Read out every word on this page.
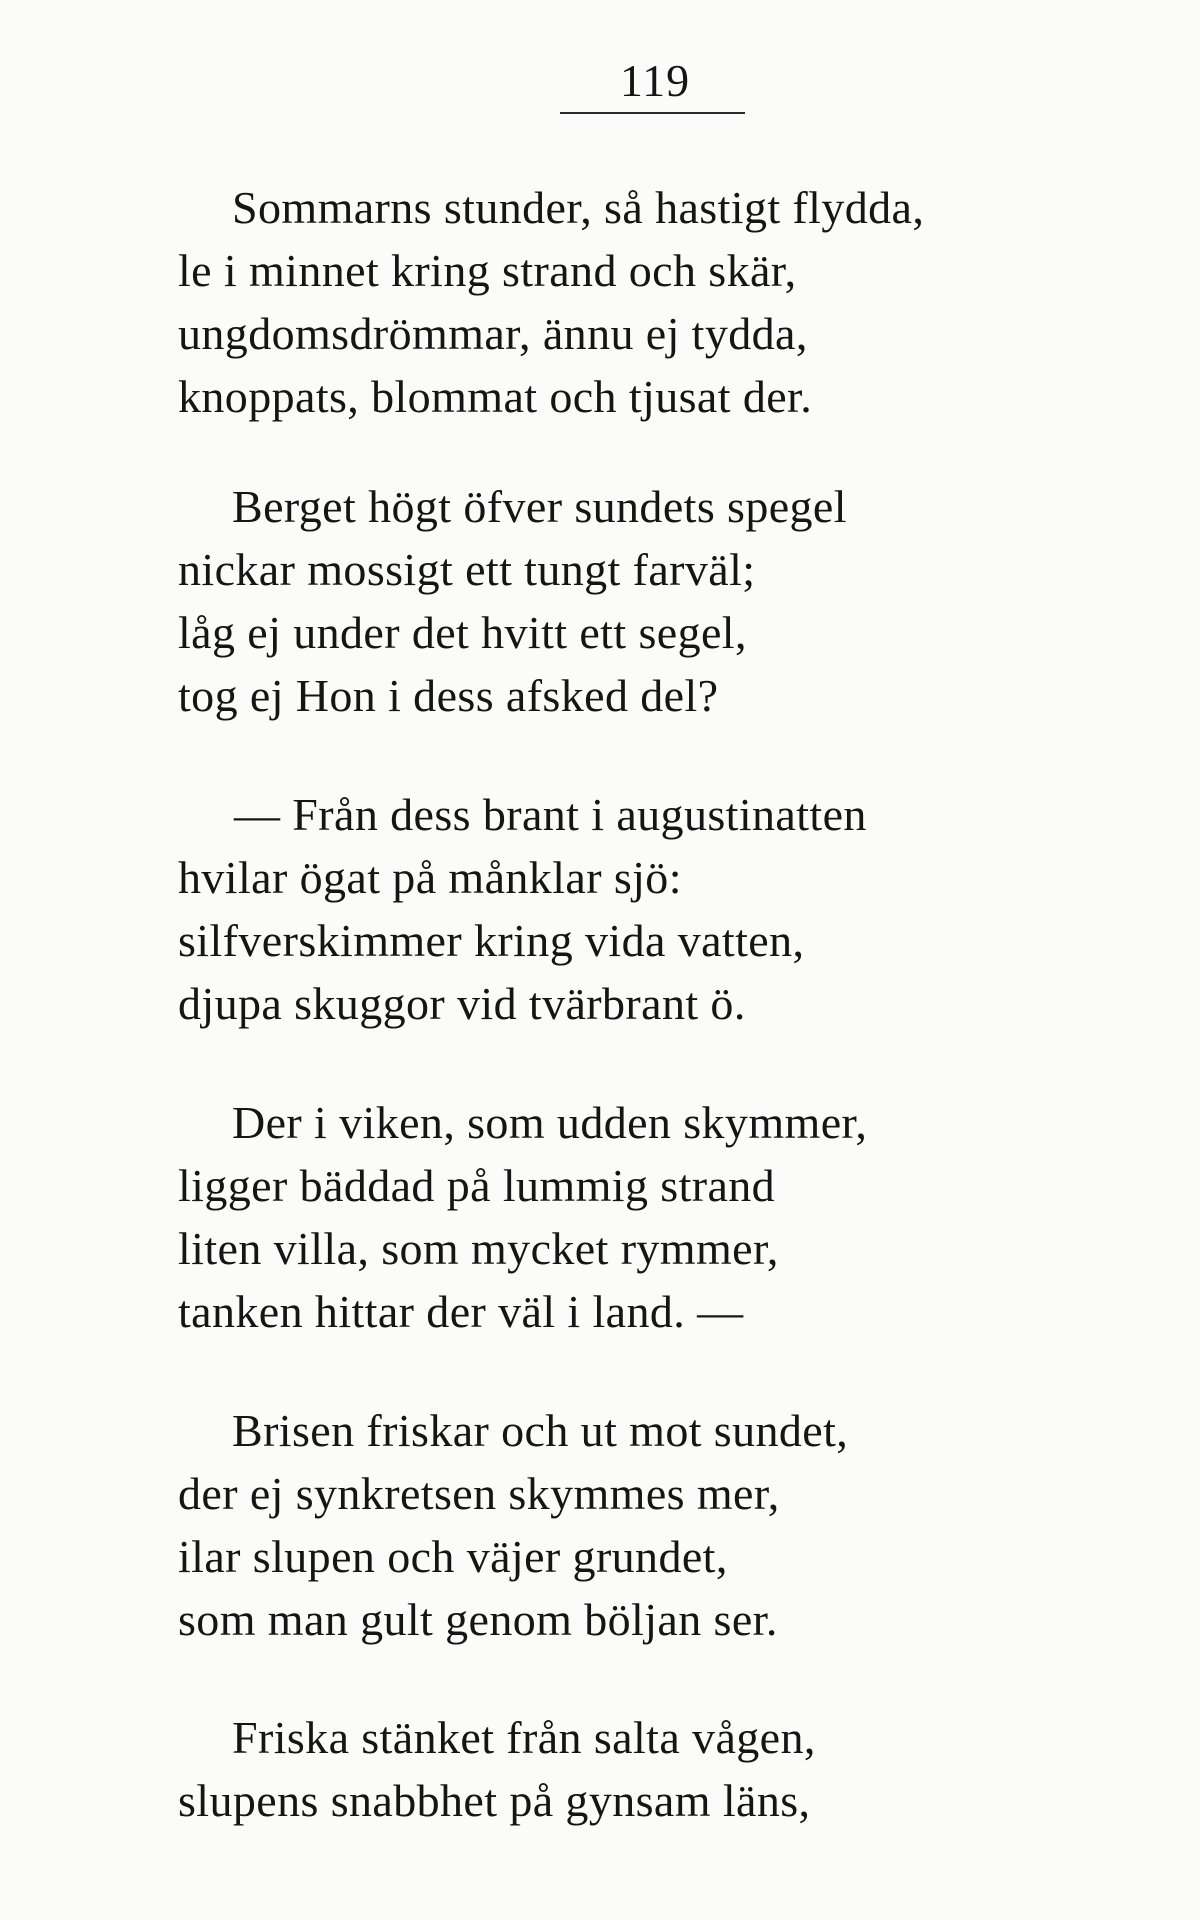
119
Sommarns stunder, så hastigt flydda,
le i minnet kring strand och skär,
ungdomsdrömmar, ännu ej tydda,
knoppats, blommat och tjusat der.
Berget högt öfver sundets spegel
nickar mossigt ett tungt farväl;
låg ej under det hvitt ett segel,
tog ej Hon i dess afsked del?
— Från dess brant i augustinatten
hvilar ögat på månklar sjö:
silfverskimmer kring vida vatten,
djupa skuggor vid tvärbrant ö.
Der i viken, som udden skymmer,
ligger bäddad på lummig strand
liten villa, som mycket rymmer,
tanken hittar der väl i land. —
Brisen friskar och ut mot sundet,
der ej synkretsen skymmes mer,
ilar slupen och väjer grundet,
som man gult genom böljan ser.
Friska stänket från salta vågen,
slupens snabbhet på gynsam läns,
